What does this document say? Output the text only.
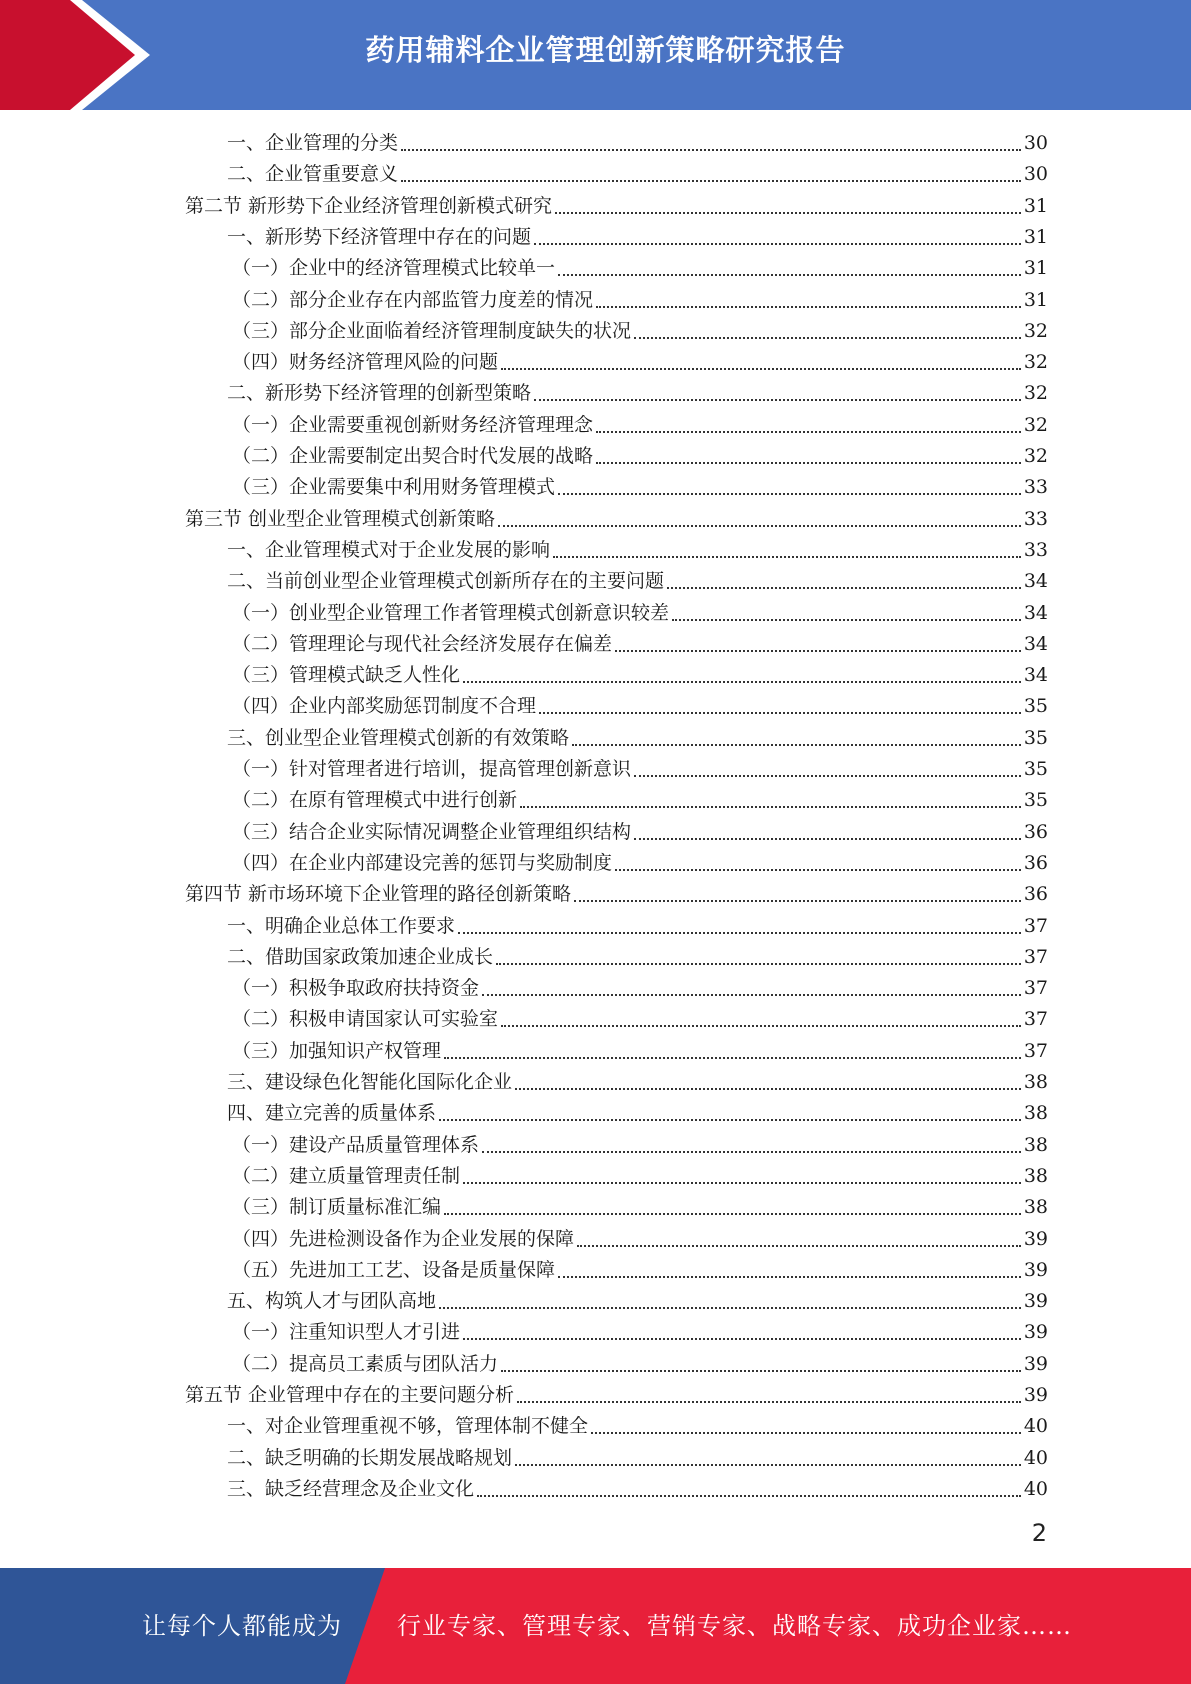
药用辅料企业管理创新策略研究报告
一、企业管理的分类	30
二、企业管重要意义	30
第二节 新形势下企业经济管理创新模式研究	31
一、新形势下经济管理中存在的问题	31
（一）企业中的经济管理模式比较单一	31
（二）部分企业存在内部监管力度差的情况	31
（三）部分企业面临着经济管理制度缺失的状况	32
（四）财务经济管理风险的问题	32
二、新形势下经济管理的创新型策略	32
（一）企业需要重视创新财务经济管理理念	32
（二）企业需要制定出契合时代发展的战略	32
（三）企业需要集中利用财务管理模式	33
第三节 创业型企业管理模式创新策略	33
一、企业管理模式对于企业发展的影响	33
二、当前创业型企业管理模式创新所存在的主要问题	34
（一）创业型企业管理工作者管理模式创新意识较差	34
（二）管理理论与现代社会经济发展存在偏差	34
（三）管理模式缺乏人性化	34
（四）企业内部奖励惩罚制度不合理	35
三、创业型企业管理模式创新的有效策略	35
（一）针对管理者进行培训，提高管理创新意识	35
（二）在原有管理模式中进行创新	35
（三）结合企业实际情况调整企业管理组织结构	36
（四）在企业内部建设完善的惩罚与奖励制度	36
第四节 新市场环境下企业管理的路径创新策略	36
一、明确企业总体工作要求	37
二、借助国家政策加速企业成长	37
（一）积极争取政府扶持资金	37
（二）积极申请国家认可实验室	37
（三）加强知识产权管理	37
三、建设绿色化智能化国际化企业	38
四、建立完善的质量体系	38
（一）建设产品质量管理体系	38
（二）建立质量管理责任制	38
（三）制订质量标准汇编	38
（四）先进检测设备作为企业发展的保障	39
（五）先进加工工艺、设备是质量保障	39
五、构筑人才与团队高地	39
（一）注重知识型人才引进	39
（二）提高员工素质与团队活力	39
第五节 企业管理中存在的主要问题分析	39
一、对企业管理重视不够，管理体制不健全	40
二、缺乏明确的长期发展战略规划	40
三、缺乏经营理念及企业文化	40
2
让每个人都能成为 行业专家、管理专家、营销专家、战略专家、成功企业家……
